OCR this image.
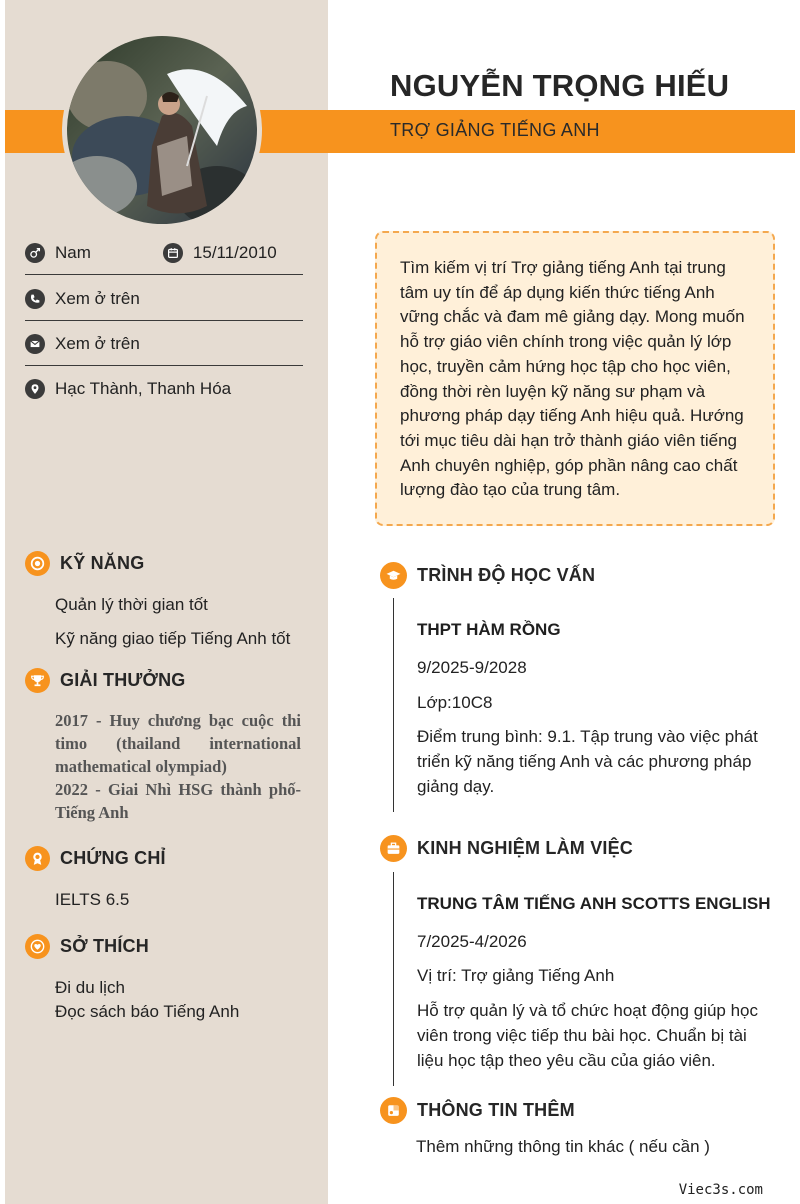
NGUYỄN TRỌNG HIẾU
TRỢ GIẢNG TIẾNG ANH
Nam	15/11/2010
Xem ở trên
Xem ở trên
Hạc Thành, Thanh Hóa
KỸ NĂNG
Quản lý thời gian tốt
Kỹ năng giao tiếp Tiếng Anh tốt
GIẢI THƯỞNG

2017 - Huy chương bạc cuộc thi timo (thailand international mathematical olympiad)

2022 - Giai Nhì HSG thành phố- Tiếng Anh

CHỨNG CHỈ
IELTS 6.5
SỞ THÍCH
Đi du lịch
Đọc sách báo Tiếng Anh

Tìm kiếm vị trí Trợ giảng tiếng Anh tại trung tâm uy tín để áp dụng kiến thức tiếng Anh vững chắc và đam mê giảng dạy. Mong muốn hỗ trợ giáo viên chính trong việc quản lý lớp học, truyền cảm hứng học tập cho học viên, đồng thời rèn luyện kỹ năng sư phạm và phương pháp dạy tiếng Anh hiệu quả. Hướng tới mục tiêu dài hạn trở thành giáo viên tiếng Anh chuyên nghiệp, góp phần nâng cao chất lượng đào tạo của trung tâm.

TRÌNH ĐỘ HỌC VẤN
THPT HÀM RỒNG
9/2025-9/2028
Lớp:10C8
Điểm trung bình: 9.1. Tập trung vào việc phát triển kỹ năng tiếng Anh và các phương pháp giảng dạy.
KINH NGHIỆM LÀM VIỆC
TRUNG TÂM TIẾNG ANH SCOTTS ENGLISH
7/2025-4/2026
Vị trí: Trợ giảng Tiếng Anh
Hỗ trợ quản lý và tổ chức hoạt động giúp học viên trong việc tiếp thu bài học. Chuẩn bị tài liệu học tập theo yêu cầu của giáo viên.
THÔNG TIN THÊM
Thêm những thông tin khác ( nếu cần )
Viec3s.com
